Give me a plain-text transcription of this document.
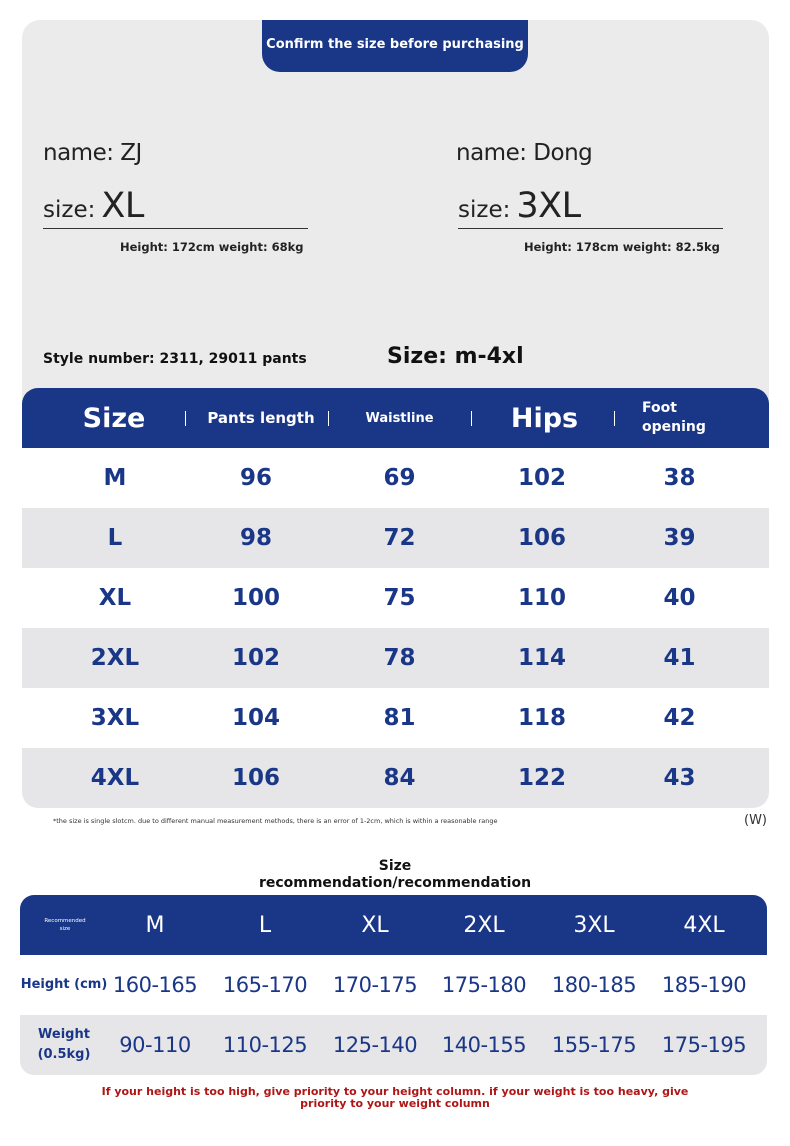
Confirm the size before purchasing
name: ZJ
size: XL
Height: 172cm weight: 68kg
name: Dong
size: 3XL
Height: 178cm weight: 82.5kg
Style number: 2311, 29011 pants	Size: m-4xl
Size	Pants length	Waistline	Hips	Foot opening
M	96	69	102	38
L	98	72	106	39
XL	100	75	110	40
2XL	102	78	114	41
3XL	104	81	118	42
4XL	106	84	122	43
*the size is single slotcm. due to different manual measurement methods, there is an error of 1-2cm, which is within a reasonable range	(W)
Size
recommendation/recommendation
Recommended size	M	L	XL	2XL	3XL	4XL
Height (cm) 160-165	165-170	170-175	175-180	180-185	185-190
Weight (0.5kg)	90-110	110-125	125-140	140-155	155-175	175-195
If your height is too high, give priority to your height column. if your weight is too heavy, give priority to your weight column
